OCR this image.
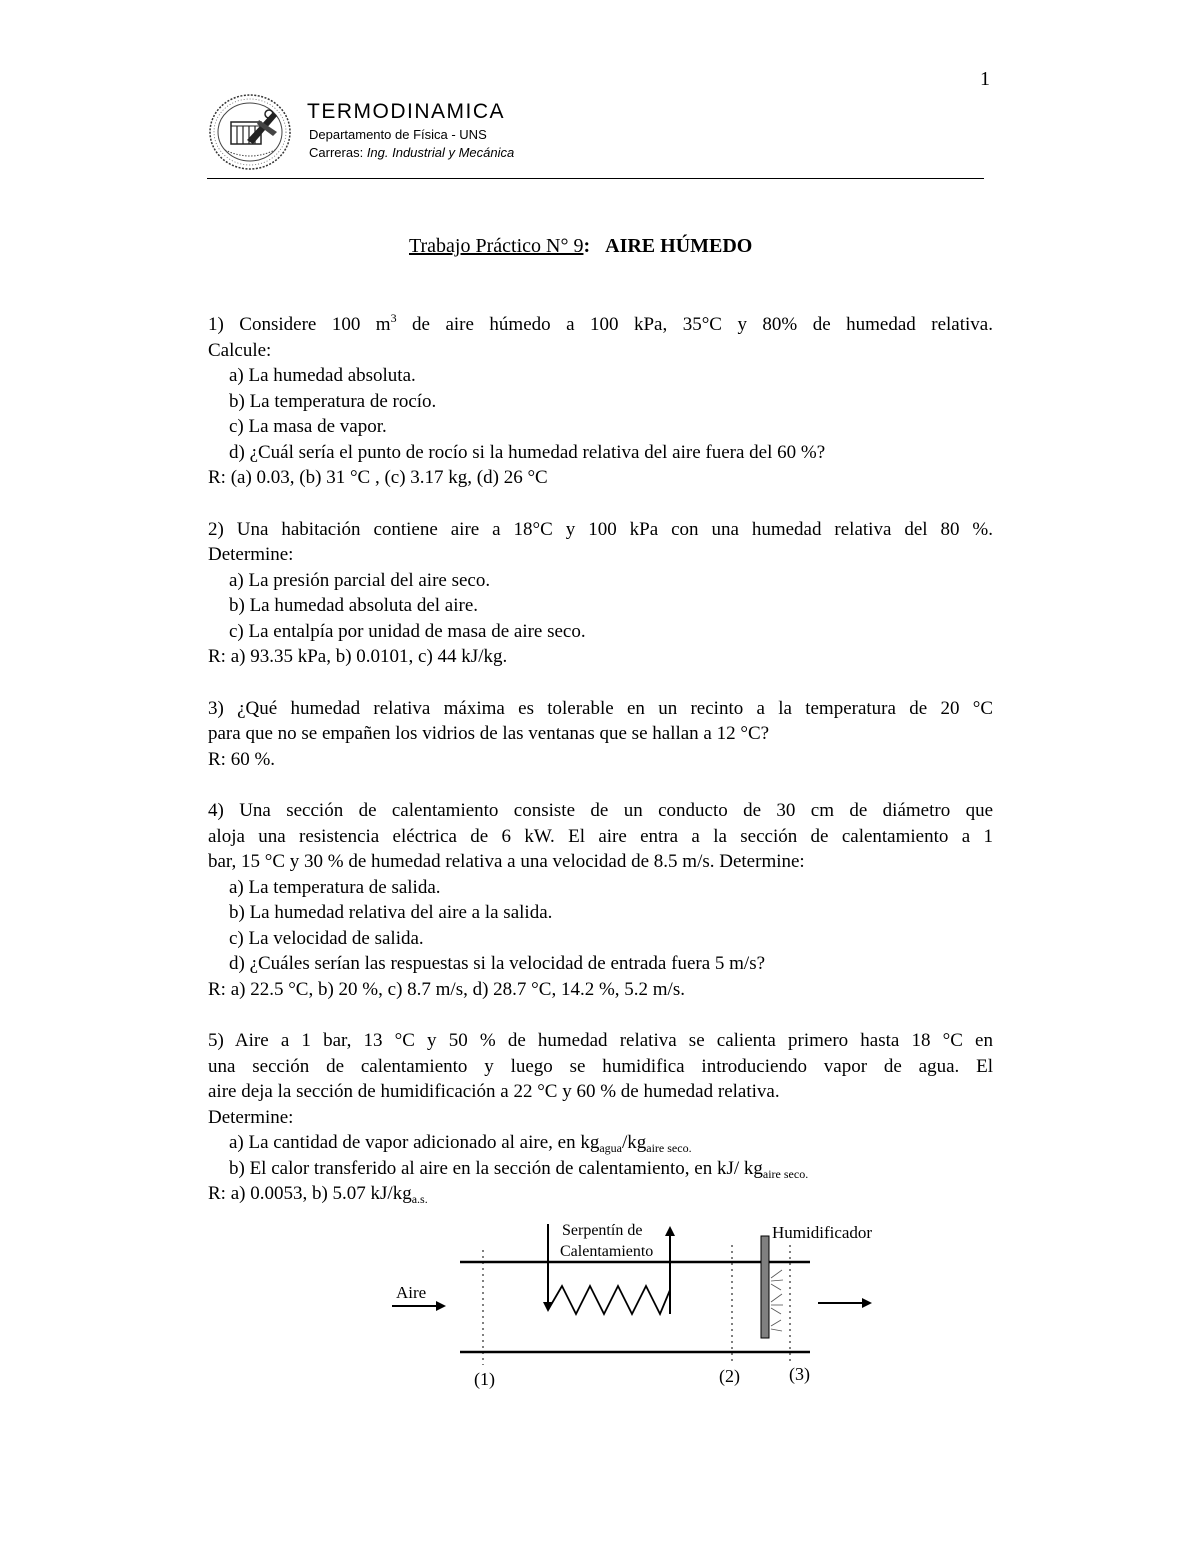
1
TERMODINAMICA
Departamento de Física - UNS
Carreras: Ing. Industrial y Mecánica
Trabajo Práctico N° 9: AIRE HÚMEDO
1) Considere 100 $m^3$ de aire húmedo a 100 kPa, 35°C y 80% de humedad relativa.
Calcule:
a) La humedad absoluta.
b) La temperatura de rocío.
c) La masa de vapor.
d) ¿Cuál sería el punto de rocío si la humedad relativa del aire fuera del 60 %?
R: (a) 0.03, (b) 31 °C , (c) 3.17 kg, (d) 26 °C
2) Una habitación contiene aire a 18°C y 100 kPa con una humedad relativa del 80 %.
Determine:
a) La presión parcial del aire seco.
b) La humedad absoluta del aire.
c) La entalpía por unidad de masa de aire seco.
R: a) 93.35 kPa, b) 0.0101, c) 44 kJ/kg.
3) ¿Qué humedad relativa máxima es tolerable en un recinto a la temperatura de 20 °C
para que no se empañen los vidrios de las ventanas que se hallan a 12 °C?
R: 60 %.
4) Una sección de calentamiento consiste de un conducto de 30 cm de diámetro que
aloja una resistencia eléctrica de 6 kW. El aire entra a la sección de calentamiento a 1
bar, 15 °C y 30 % de humedad relativa a una velocidad de 8.5 m/s. Determine:
a) La temperatura de salida.
b) La humedad relativa del aire a la salida.
c) La velocidad de salida.
d) ¿Cuáles serían las respuestas si la velocidad de entrada fuera 5 m/s?
R: a) 22.5 °C, b) 20 %, c) 8.7 m/s, d) 28.7 °C, 14.2 %, 5.2 m/s.
5) Aire a 1 bar, 13 °C y 50 % de humedad relativa se calienta primero hasta 18 °C en
una sección de calentamiento y luego se humidifica introduciendo vapor de agua. El
aire deja la sección de humidificación a 22 °C y 60 % de humedad relativa.
Determine:
a) La cantidad de vapor adicionado al aire, en $kg_{agua}/kg_{aire seco.}$
b) El calor transferido al aire en la sección de calentamiento, en kJ/ $kg_{aire seco.}$
R: a) 0.0053, b) 5.07 $kJ/kg_{a.s.}$
Aire
Serpentín de
Calentamiento
Humidificador
(1)	(2)	(3)
